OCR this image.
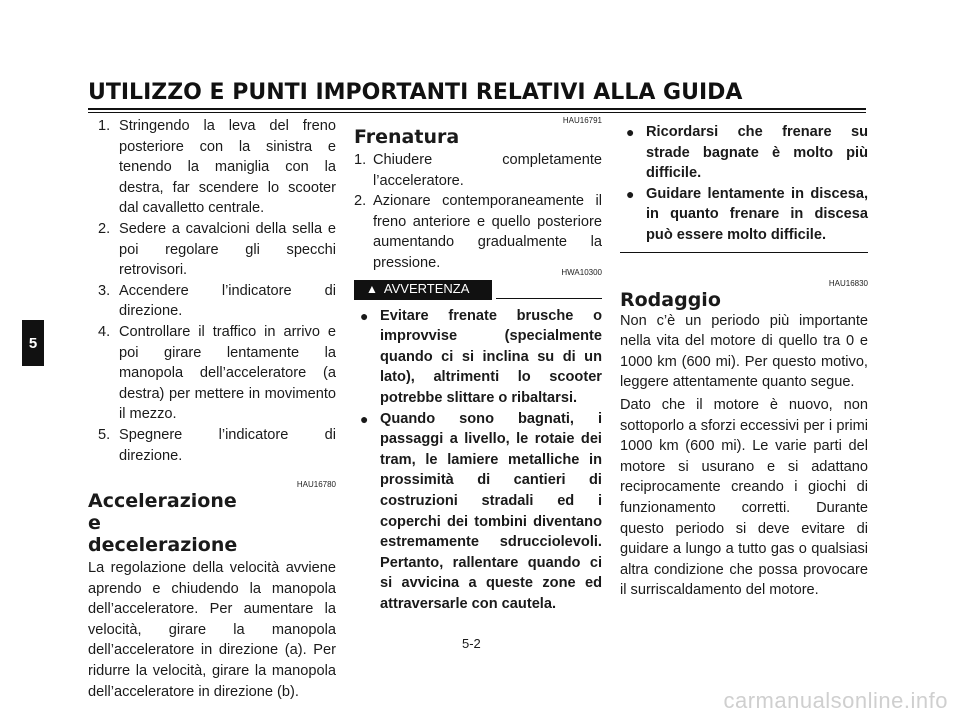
UTILIZZO E PUNTI IMPORTANTI RELATIVI ALLA GUIDA
5
1. Stringendo la leva del freno posteriore con la sinistra e tenendo la maniglia con la destra, far scendere lo scooter dal cavalletto centrale.
2. Sedere a cavalcioni della sella e poi regolare gli specchi retrovisori.
3. Accendere l’indicatore di direzione.
4. Controllare il traffico in arrivo e poi girare lentamente la manopola dell’acceleratore (a destra) per mettere in movimento il mezzo.
5. Spegnere l’indicatore di direzione.
HAU16780
Accelerazione e decelerazione

La regolazione della velocità avviene aprendo e chiudendo la manopola dell’acceleratore. Per aumentare la velocità, girare la manopola dell’acceleratore in direzione (a). Per ridurre la velocità, girare la manopola dell’acceleratore in direzione (b).

HAU16791
Frenatura
1. Chiudere completamente l’acceleratore.
2. Azionare contemporaneamente il freno anteriore e quello posteriore aumentando gradualmente la pressione.
HWA10300
▲ AVVERTENZA
● Evitare frenate brusche o improvvise (specialmente quando ci si inclina su di un lato), altrimenti lo scooter potrebbe slittare o ribaltarsi.
● Quando sono bagnati, i passaggi a livello, le rotaie dei tram, le lamiere metalliche in prossimità di cantieri di costruzioni stradali ed i coperchi dei tombini diventano estremamente sdrucciolevoli. Pertanto, rallentare quando ci si avvicina a queste zone ed attraversarle con cautela.
● Ricordarsi che frenare su strade bagnate è molto più difficile.
● Guidare lentamente in discesa, in quanto frenare in discesa può essere molto difficile.
HAU16830
Rodaggio

Non c’è un periodo più importante nella vita del motore di quello tra 0 e 1000 km (600 mi). Per questo motivo, leggere attentamente quanto segue.

Dato che il motore è nuovo, non sottoporlo a sforzi eccessivi per i primi 1000 km (600 mi). Le varie parti del motore si usurano e si adattano reciprocamente creando i giochi di funzionamento corretti. Durante questo periodo si deve evitare di guidare a lungo a tutto gas o qualsiasi altra condizione che possa provocare il surriscaldamento del motore.

5-2
carmanualsonline.info
